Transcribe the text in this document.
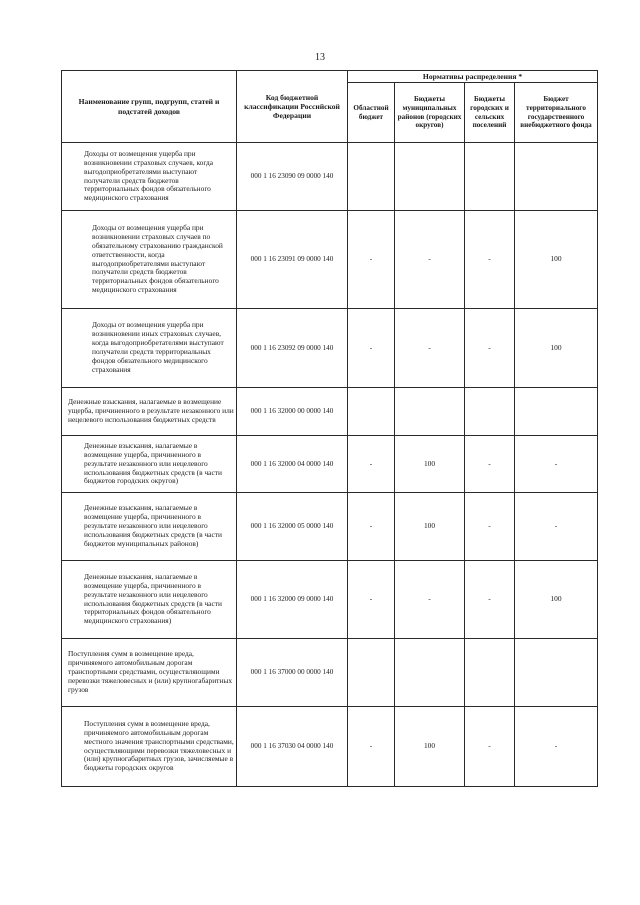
13
Наименование групп, подгрупп, статей и подстатей доходов	Код бюджетной классификации Российской Федерации	Нормативы распределения *			
		Областной бюджет	Бюджеты муниципальных районов (городских округов)	Бюджеты городских и сельских поселений	Бюджет территориального государственного внебюджетного фонда
Доходы от возмещения ущерба при возникновении страховых случаев, когда выгодоприобретателями выступают получатели средств бюджетов территориальных фондов обязательного медицинского страхования	000 1 16 23090 09 0000 140				
Доходы от возмещения ущерба при возникновении страховых случаев по обязательному страхованию гражданской ответственности, когда выгодоприобретателями выступают получатели средств бюджетов территориальных фондов обязательного медицинского страхования	000 1 16 23091 09 0000 140	-	-	-	100
Доходы от возмещения ущерба при возникновении иных страховых случаев, когда выгодоприобретателями выступают получатели средств территориальных фондов обязательного медицинского страхования	000 1 16 23092 09 0000 140	-	-	-	100
Денежные взыскания, налагаемые в возмещение ущерба, причиненного в результате незаконного или нецелевого использования бюджетных средств	000 1 16 32000 00 0000 140				
Денежные взыскания, налагаемые в возмещение ущерба, причиненного в результате незаконного или нецелевого использования бюджетных средств (в части бюджетов городских округов)	000 1 16 32000 04 0000 140	-	100	-	-
Денежные взыскания, налагаемые в возмещение ущерба, причиненного в результате незаконного или нецелевого использования бюджетных средств (в части бюджетов муниципальных районов)	000 1 16 32000 05 0000 140	-	100	-	-
Денежные взыскания, налагаемые в возмещение ущерба, причиненного в результате незаконного или нецелевого использования бюджетных средств (в части территориальных фондов обязательного медицинского страхования)	000 1 16 32000 09 0000 140	-	-	-	100
Поступления сумм в возмещение вреда, причиняемого автомобильным дорогам транспортными средствами, осуществляющими перевозки тяжеловесных и (или) крупногабаритных грузов	000 1 16 37000 00 0000 140				
Поступления сумм в возмещение вреда, причиняемого автомобильным дорогам местного значения транспортными средствами, осуществляющими перевозки тяжеловесных и (или) крупногабаритных грузов, зачисляемые в бюджеты городских округов	000 1 16 37030 04 0000 140	-	100	-	-
